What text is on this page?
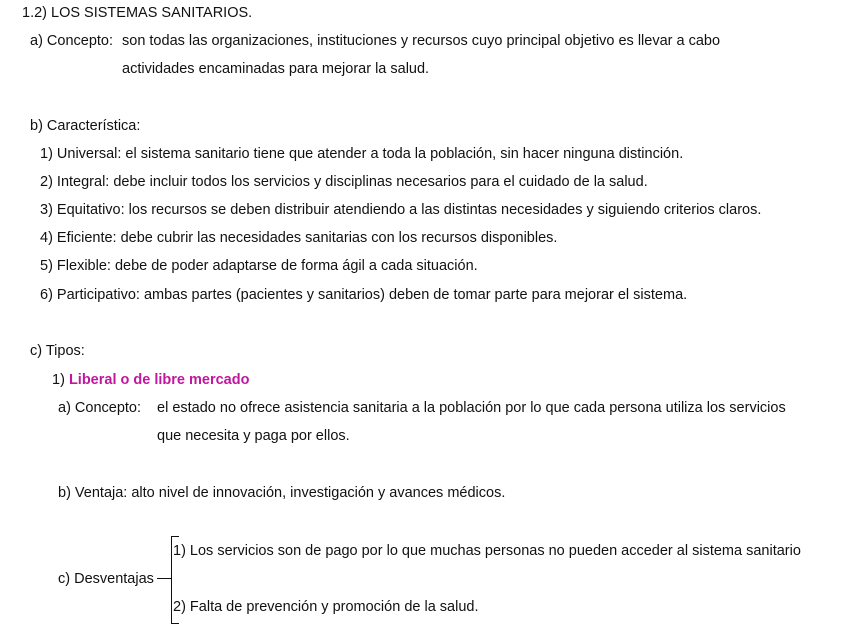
1.2) LOS SISTEMAS SANITARIOS.
a) Concepto: son todas las organizaciones, instituciones y recursos cuyo principal objetivo es llevar a cabo
actividades encaminadas para mejorar la salud.
b) Característica:
1) Universal: el sistema sanitario tiene que atender a toda la población, sin hacer ninguna distinción.
2) Integral: debe incluir todos los servicios y disciplinas necesarios para el cuidado de la salud.
3) Equitativo: los recursos se deben distribuir atendiendo a las distintas necesidades y siguiendo criterios claros.
4) Eficiente: debe cubrir las necesidades sanitarias con los recursos disponibles.
5) Flexible: debe de poder adaptarse de forma ágil a cada situación.
6) Participativo: ambas partes (pacientes y sanitarios) deben de tomar parte para mejorar el sistema.
c) Tipos:
1) Liberal o de libre mercado
a) Concepto: el estado no ofrece asistencia sanitaria a la población por lo que cada persona utiliza los servicios
que necesita y paga por ellos.
b) Ventaja: alto nivel de innovación, investigación y avances médicos.
c) Desventajas
1) Los servicios son de pago por lo que muchas personas no pueden acceder al sistema sanitario
2) Falta de prevención y promoción de la salud.
